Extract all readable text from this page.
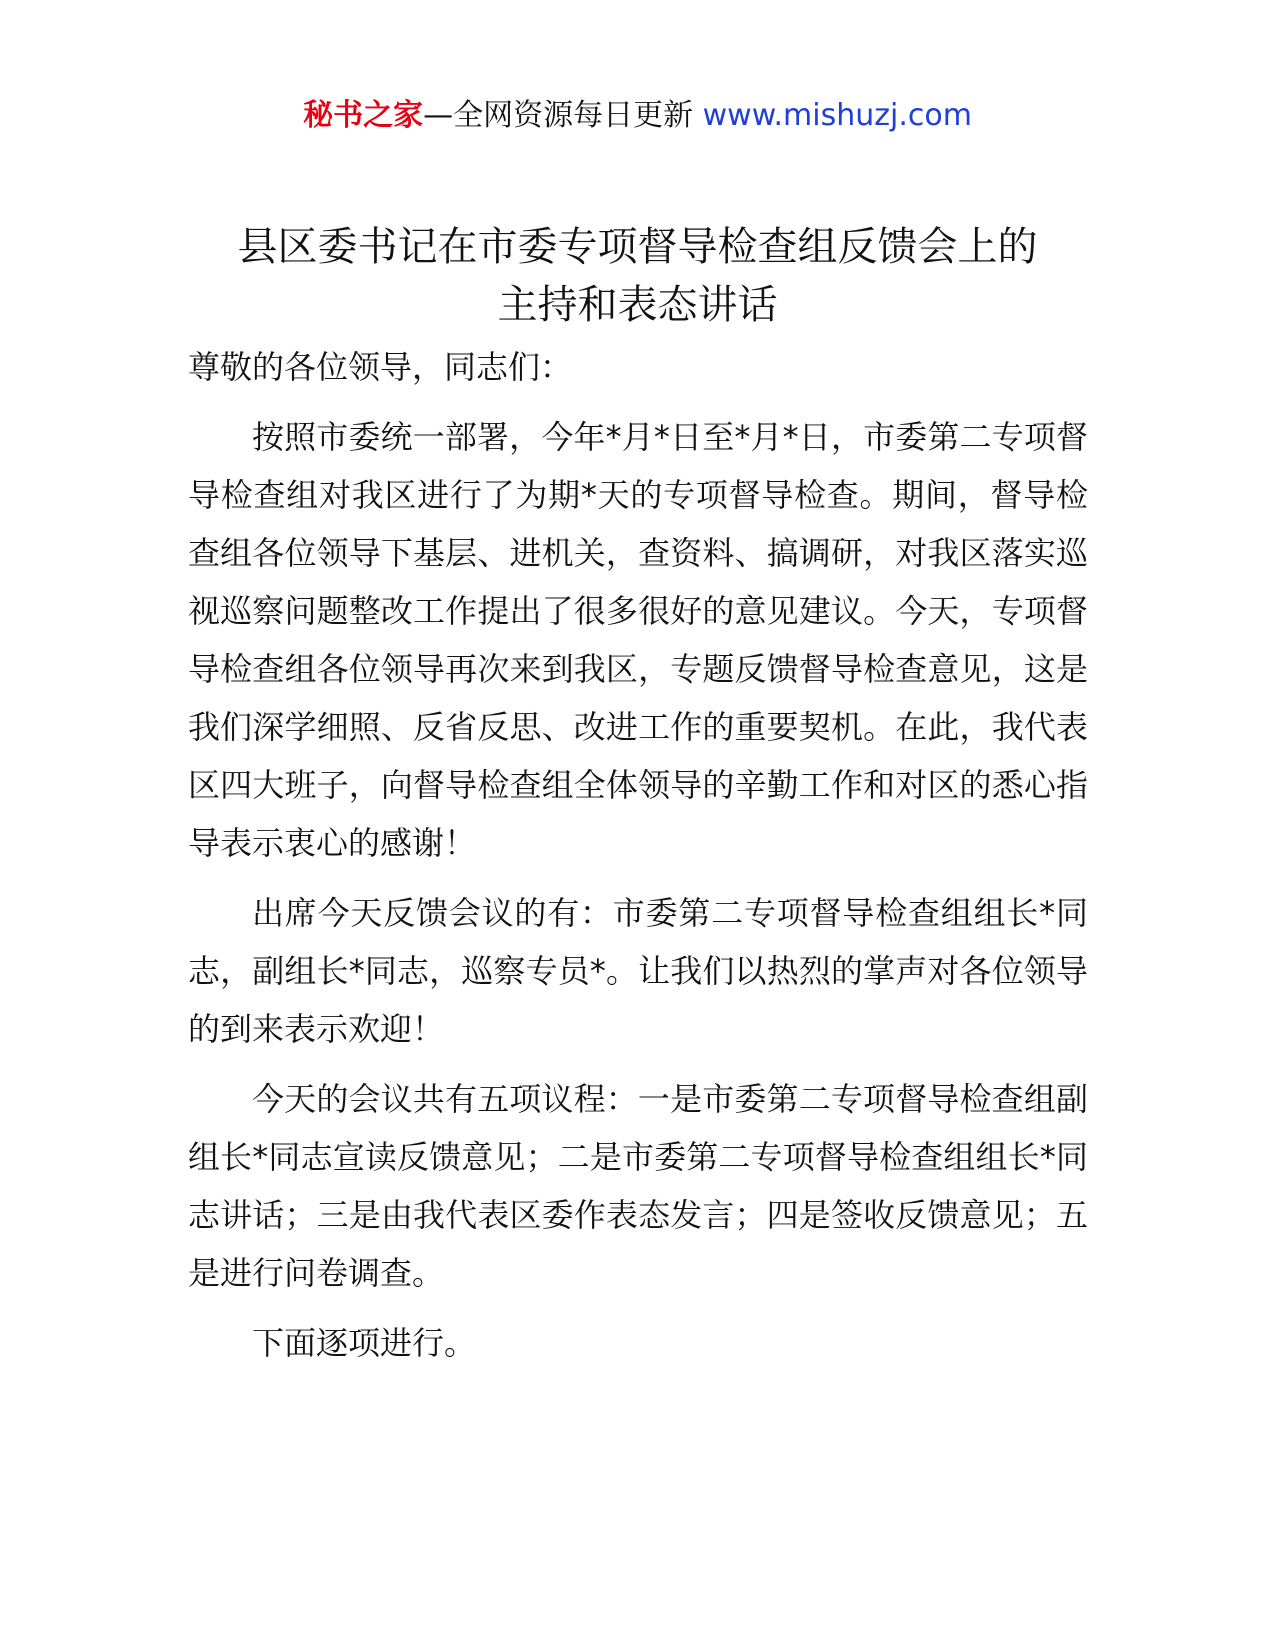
秘书之家—全网资源每日更新 www.mishuzj.com
县区委书记在市委专项督导检查组反馈会上的
主持和表态讲话

尊敬的各位领导，同志们：

按照市委统一部署，今年*月*日至*月*日，市委第二专项督导检查组对我区进行了为期*天的专项督导检查。期间，督导检查组各位领导下基层、进机关，查资料、搞调研，对我区落实巡视巡察问题整改工作提出了很多很好的意见建议。今天，专项督导检查组各位领导再次来到我区，专题反馈督导检查意见，这是我们深学细照、反省反思、改进工作的重要契机。在此，我代表区四大班子，向督导检查组全体领导的辛勤工作和对区的悉心指导表示衷心的感谢！

出席今天反馈会议的有：市委第二专项督导检查组组长*同志，副组长*同志，巡察专员*。让我们以热烈的掌声对各位领导的到来表示欢迎！

今天的会议共有五项议程：一是市委第二专项督导检查组副组长*同志宣读反馈意见；二是市委第二专项督导检查组组长*同志讲话；三是由我代表区委作表态发言；四是签收反馈意见；五是进行问卷调查。

下面逐项进行。
